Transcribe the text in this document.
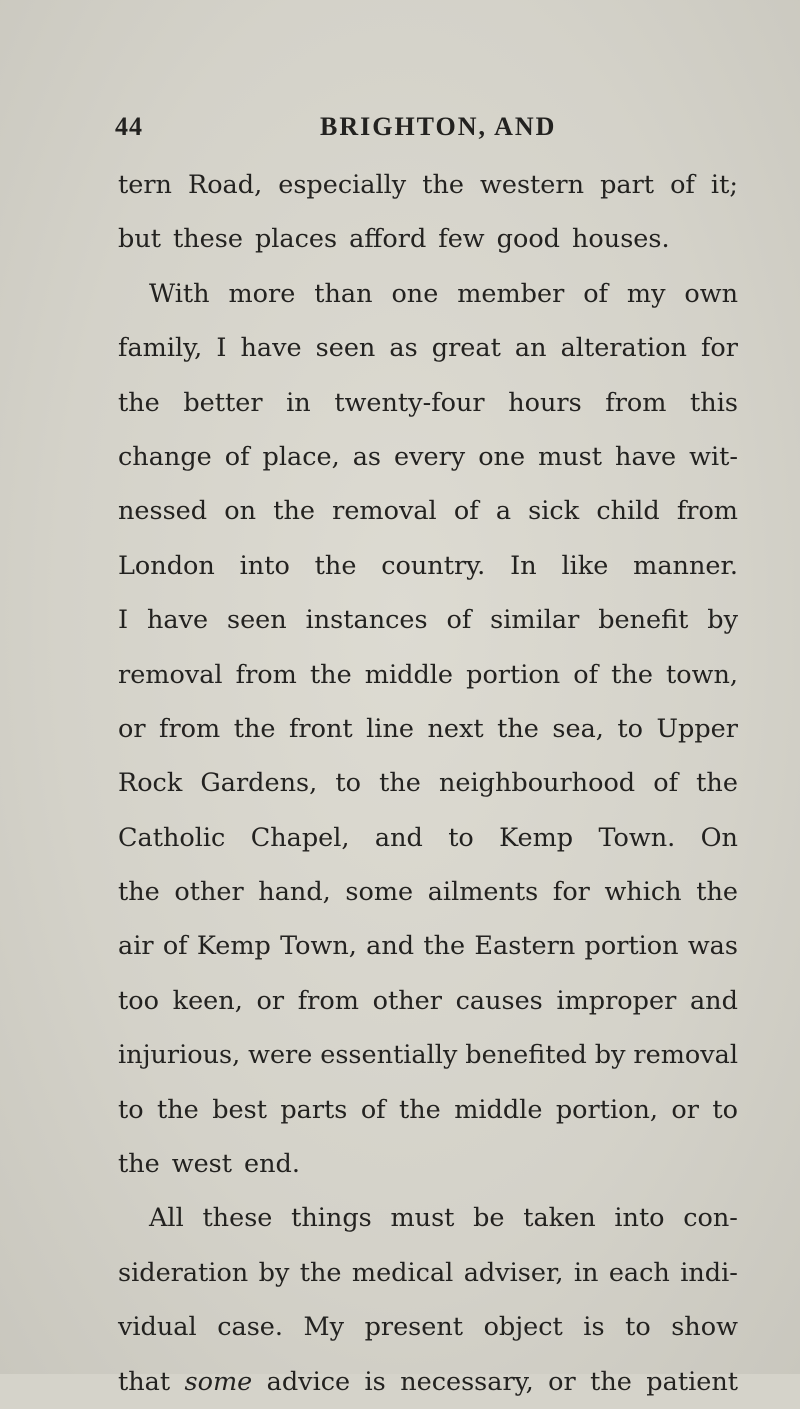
44	BRIGHTON, AND
tern Road, especially the western part of it;
but these places afford few good houses.
With more than one member of my own
family, I have seen as great an alteration for
the better in twenty-four hours from this
change of place, as every one must have wit-
nessed on the removal of a sick child from
London into the country. In like manner.
I have seen instances of similar benefit by
removal from the middle portion of the town,
or from the front line next the sea, to Upper
Rock Gardens, to the neighbourhood of the
Catholic Chapel, and to Kemp Town. On
the other hand, some ailments for which the
air of Kemp Town, and the Eastern portion was
too keen, or from other causes improper and
injurious, were essentially benefited by removal
to the best parts of the middle portion, or to
the west end.
All these things must be taken into con-
sideration by the medical adviser, in each indi-
vidual case. My present object is to show
that some advice is necessary, or the patient
